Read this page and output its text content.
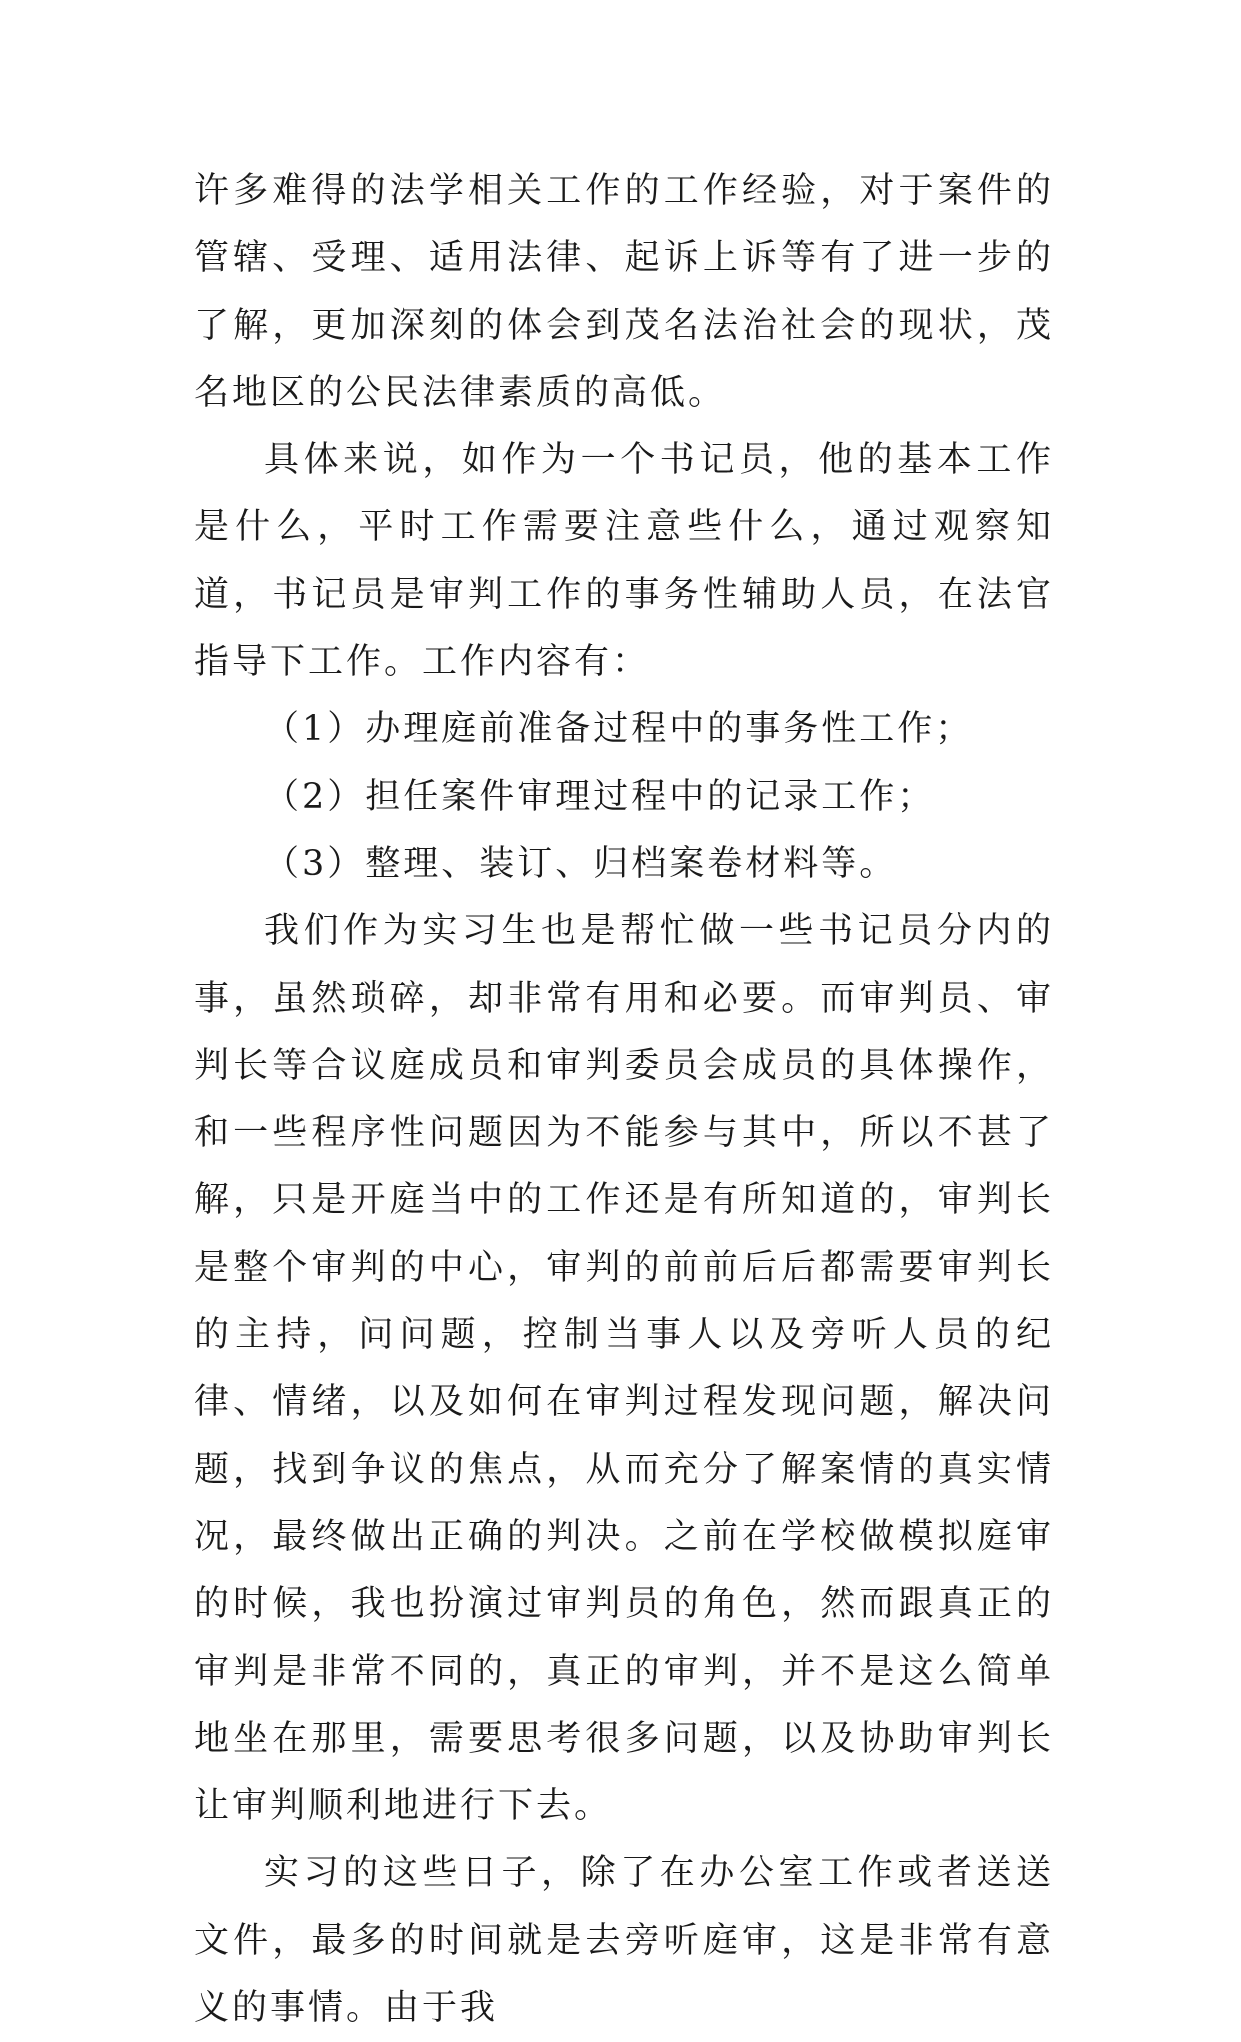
许多难得的法学相关工作的工作经验，对于案件的管辖、受理、适用法律、起诉上诉等有了进一步的了解，更加深刻的体会到茂名法治社会的现状，茂名地区的公民法律素质的高低。

具体来说，如作为一个书记员，他的基本工作是什么，平时工作需要注意些什么，通过观察知道，书记员是审判工作的事务性辅助人员，在法官指导下工作。工作内容有：

（1）办理庭前准备过程中的事务性工作；

（2）担任案件审理过程中的记录工作；

（3）整理、装订、归档案卷材料等。

我们作为实习生也是帮忙做一些书记员分内的事，虽然琐碎，却非常有用和必要。而审判员、审判长等合议庭成员和审判委员会成员的具体操作，和一些程序性问题因为不能参与其中，所以不甚了解，只是开庭当中的工作还是有所知道的，审判长是整个审判的中心，审判的前前后后都需要审判长的主持，问问题，控制当事人以及旁听人员的纪律、情绪，以及如何在审判过程发现问题，解决问题，找到争议的焦点，从而充分了解案情的真实情况，最终做出正确的判决。之前在学校做模拟庭审的时候，我也扮演过审判员的角色，然而跟真正的审判是非常不同的，真正的审判，并不是这么简单地坐在那里，需要思考很多问题，以及协助审判长让审判顺利地进行下去。

实习的这些日子，除了在办公室工作或者送送文件，最多的时间就是去旁听庭审，这是非常有意义的事情。由于我
